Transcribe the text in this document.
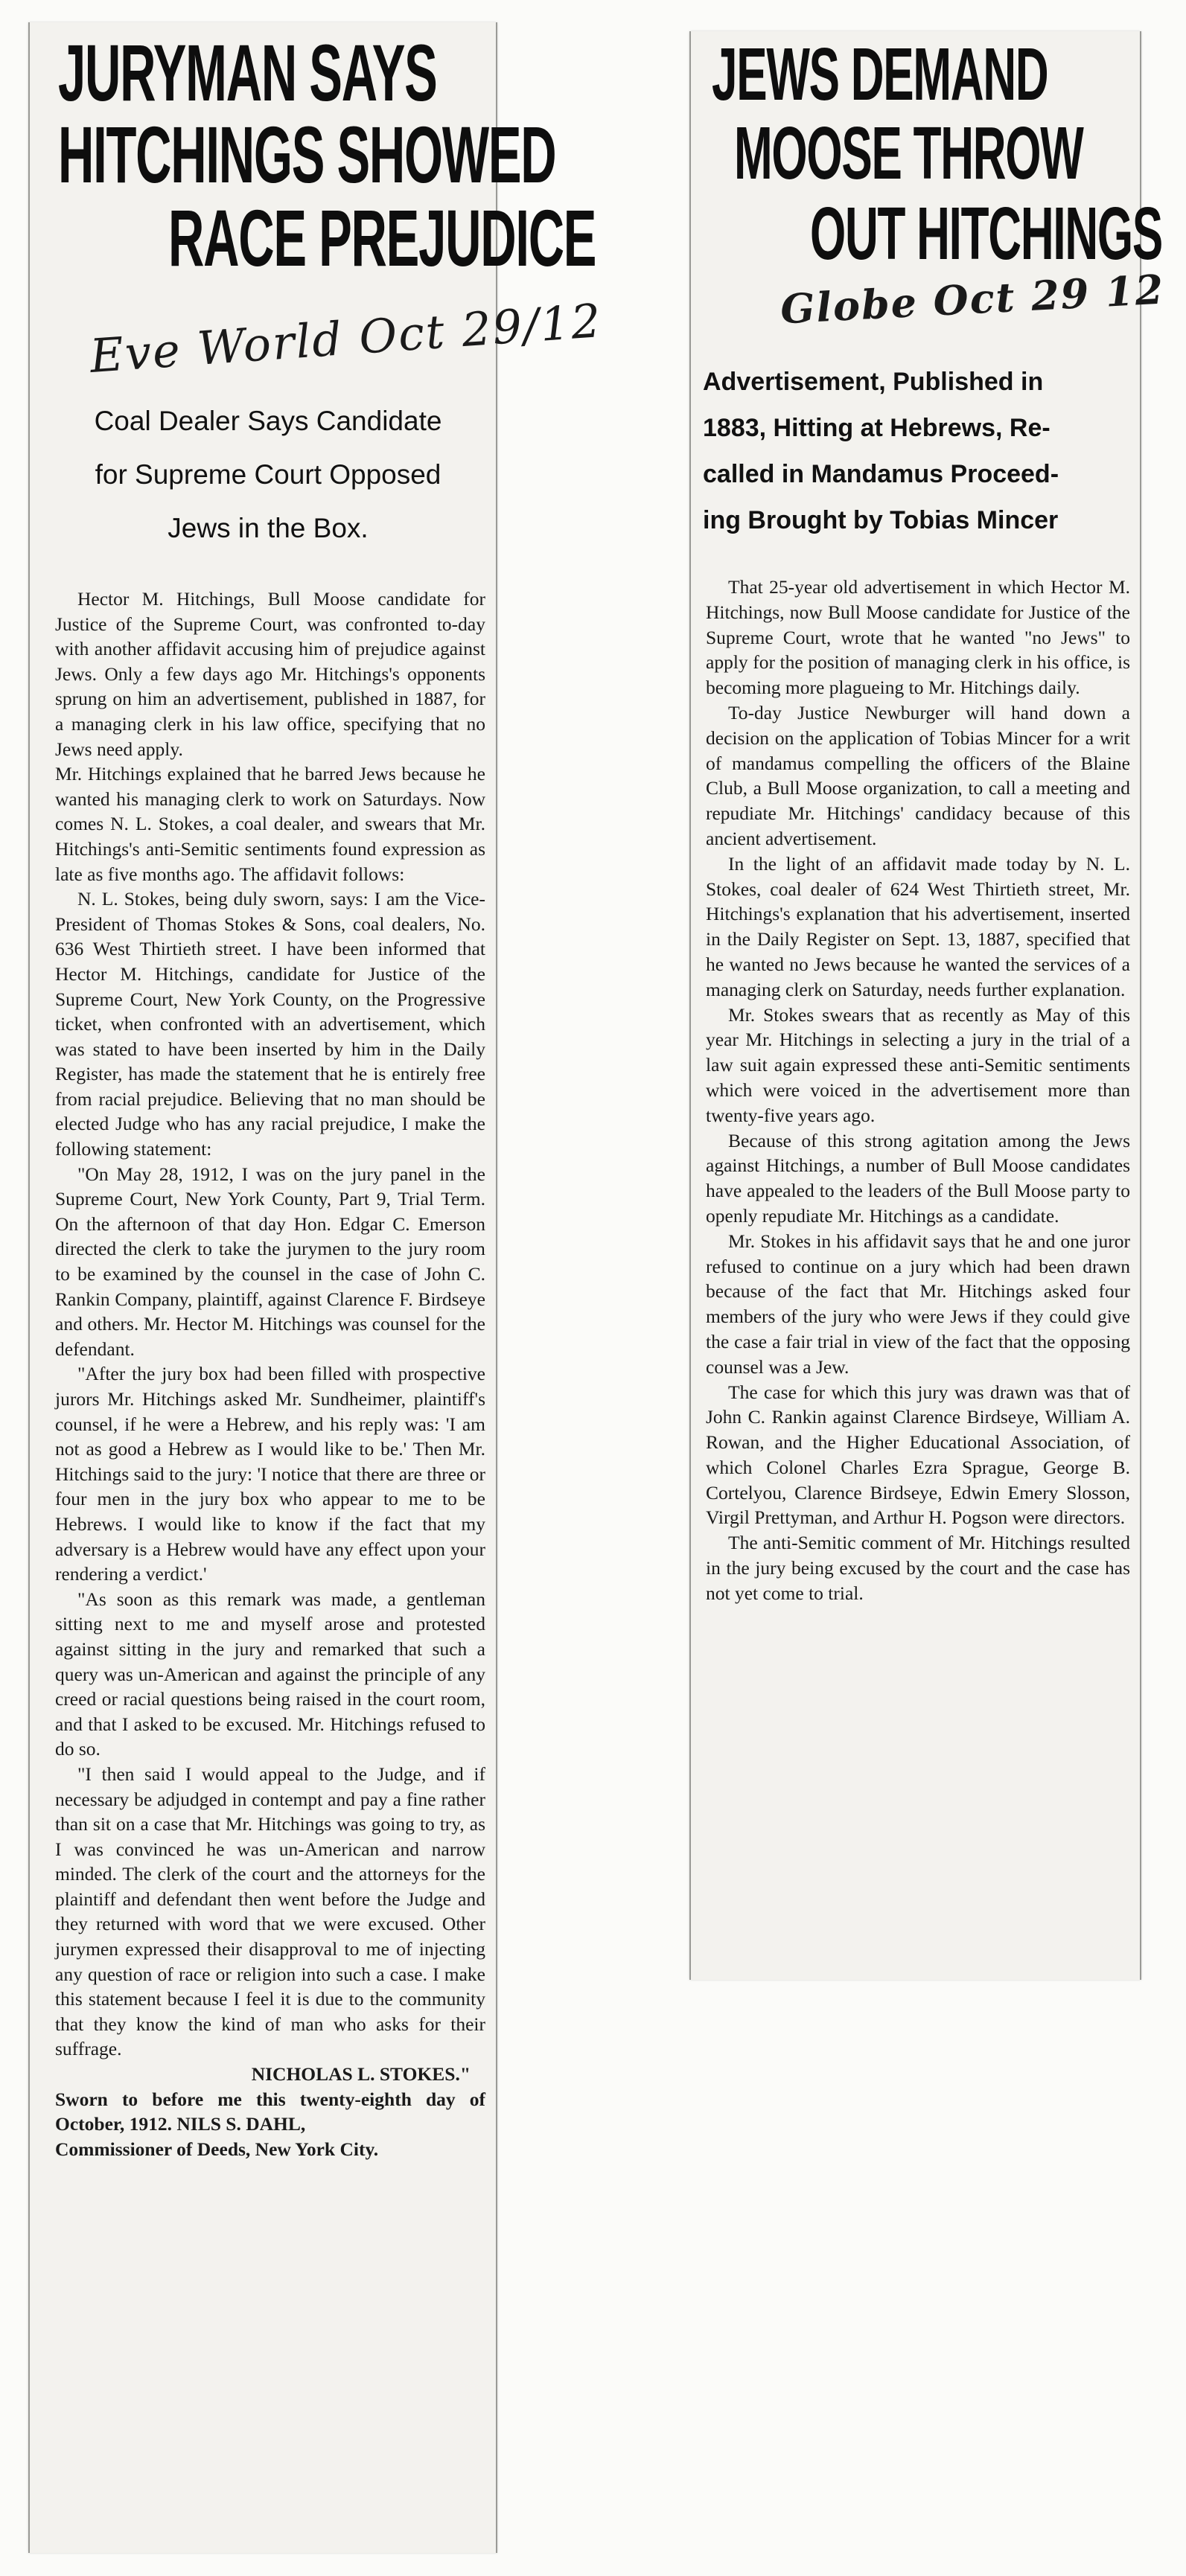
JURYMAN SAYS
HITCHINGS SHOWED
RACE PREJUDICE
Eve World Oct 29/12
Coal Dealer Says Candidate
for Supreme Court Opposed
Jews in the Box.

Hector M. Hitchings, Bull Moose candidate for Justice of the Supreme Court, was confronted to-day with another affidavit accusing him of prejudice against Jews. Only a few days ago Mr. Hitchings's opponents sprung on him an advertisement, published in 1887, for a managing clerk in his law office, specifying that no Jews need apply.

Mr. Hitchings explained that he barred Jews because he wanted his managing clerk to work on Saturdays. Now comes N. L. Stokes, a coal dealer, and swears that Mr. Hitchings's anti-Semitic sentiments found expression as late as five months ago. The affidavit follows:

N. L. Stokes, being duly sworn, says: I am the Vice-President of Thomas Stokes & Sons, coal dealers, No. 636 West Thirtieth street. I have been informed that Hector M. Hitchings, candidate for Justice of the Supreme Court, New York County, on the Progressive ticket, when confronted with an advertisement, which was stated to have been inserted by him in the Daily Register, has made the statement that he is entirely free from racial prejudice. Believing that no man should be elected Judge who has any racial prejudice, I make the following statement:

"On May 28, 1912, I was on the jury panel in the Supreme Court, New York County, Part 9, Trial Term. On the afternoon of that day Hon. Edgar C. Emerson directed the clerk to take the jurymen to the jury room to be examined by the counsel in the case of John C. Rankin Company, plaintiff, against Clarence F. Birdseye and others. Mr. Hector M. Hitchings was counsel for the defendant.

"After the jury box had been filled with prospective jurors Mr. Hitchings asked Mr. Sundheimer, plaintiff's counsel, if he were a Hebrew, and his reply was: 'I am not as good a Hebrew as I would like to be.' Then Mr. Hitchings said to the jury: 'I notice that there are three or four men in the jury box who appear to me to be Hebrews. I would like to know if the fact that my adversary is a Hebrew would have any effect upon your rendering a verdict.'

"As soon as this remark was made, a gentleman sitting next to me and myself arose and protested against sitting in the jury and remarked that such a query was un-American and against the principle of any creed or racial questions being raised in the court room, and that I asked to be excused. Mr. Hitchings refused to do so.

"I then said I would appeal to the Judge, and if necessary be adjudged in contempt and pay a fine rather than sit on a case that Mr. Hitchings was going to try, as I was convinced he was un-American and narrow minded. The clerk of the court and the attorneys for the plaintiff and defendant then went before the Judge and they returned with word that we were excused. Other jurymen expressed their disapproval to me of injecting any question of race or religion into such a case. I make this statement because I feel it is due to the community that they know the kind of man who asks for their suffrage.

NICHOLAS L. STOKES."

Sworn to before me this twenty-eighth day of October, 1912. NILS S. DAHL,

Commissioner of Deeds, New York City.

JEWS DEMAND
MOOSE THROW
OUT HITCHINGS
Globe Oct 29 12
Advertisement, Published in
1883, Hitting at Hebrews, Re-
called in Mandamus Proceed-
ing Brought by Tobias Mincer

That 25-year old advertisement in which Hector M. Hitchings, now Bull Moose candidate for Justice of the Supreme Court, wrote that he wanted "no Jews" to apply for the position of managing clerk in his office, is becoming more plagueing to Mr. Hitchings daily.

To-day Justice Newburger will hand down a decision on the application of Tobias Mincer for a writ of mandamus compelling the officers of the Blaine Club, a Bull Moose organization, to call a meeting and repudiate Mr. Hitchings' candidacy because of this ancient advertisement.

In the light of an affidavit made today by N. L. Stokes, coal dealer of 624 West Thirtieth street, Mr. Hitchings's explanation that his advertisement, inserted in the Daily Register on Sept. 13, 1887, specified that he wanted no Jews because he wanted the services of a managing clerk on Saturday, needs further explanation.

Mr. Stokes swears that as recently as May of this year Mr. Hitchings in selecting a jury in the trial of a law suit again expressed these anti-Semitic sentiments which were voiced in the advertisement more than twenty-five years ago.

Because of this strong agitation among the Jews against Hitchings, a number of Bull Moose candidates have appealed to the leaders of the Bull Moose party to openly repudiate Mr. Hitchings as a candidate.

Mr. Stokes in his affidavit says that he and one juror refused to continue on a jury which had been drawn because of the fact that Mr. Hitchings asked four members of the jury who were Jews if they could give the case a fair trial in view of the fact that the opposing counsel was a Jew.

The case for which this jury was drawn was that of John C. Rankin against Clarence Birdseye, William A. Rowan, and the Higher Educational Association, of which Colonel Charles Ezra Sprague, George B. Cortelyou, Clarence Birdseye, Edwin Emery Slosson, Virgil Prettyman, and Arthur H. Pogson were directors.

The anti-Semitic comment of Mr. Hitchings resulted in the jury being excused by the court and the case has not yet come to trial.
